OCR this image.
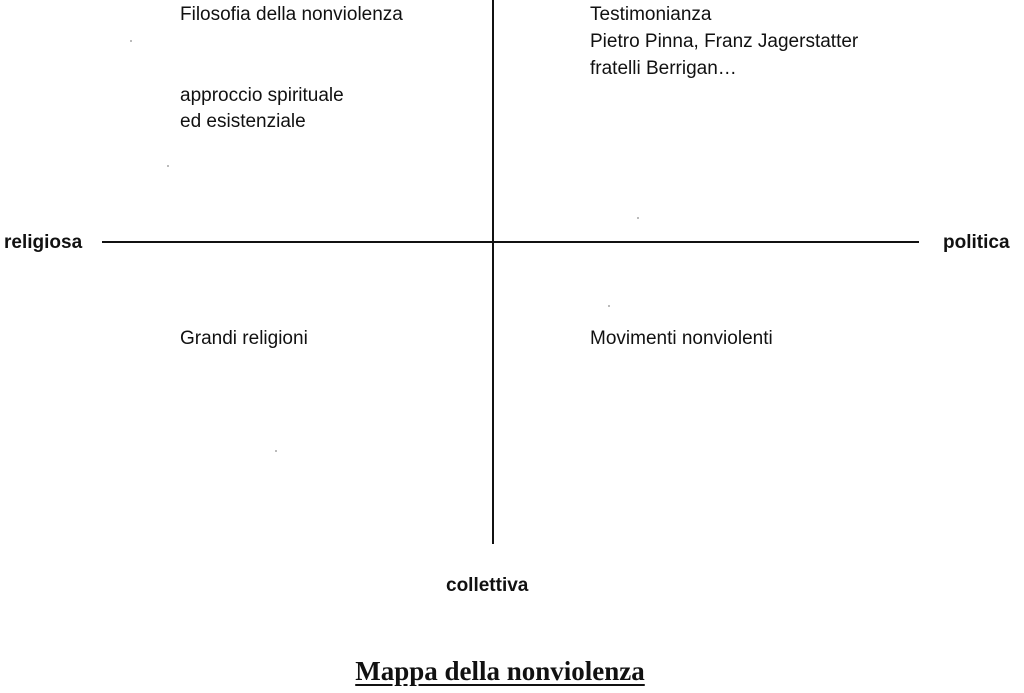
religiosa	politica
collettiva
Filosofia della nonviolenza
approccio spirituale
ed esistenziale
Testimonianza
Pietro Pinna, Franz Jagerstatter
fratelli Berrigan…
Grandi religioni	Movimenti nonviolenti
Mappa della nonviolenza
